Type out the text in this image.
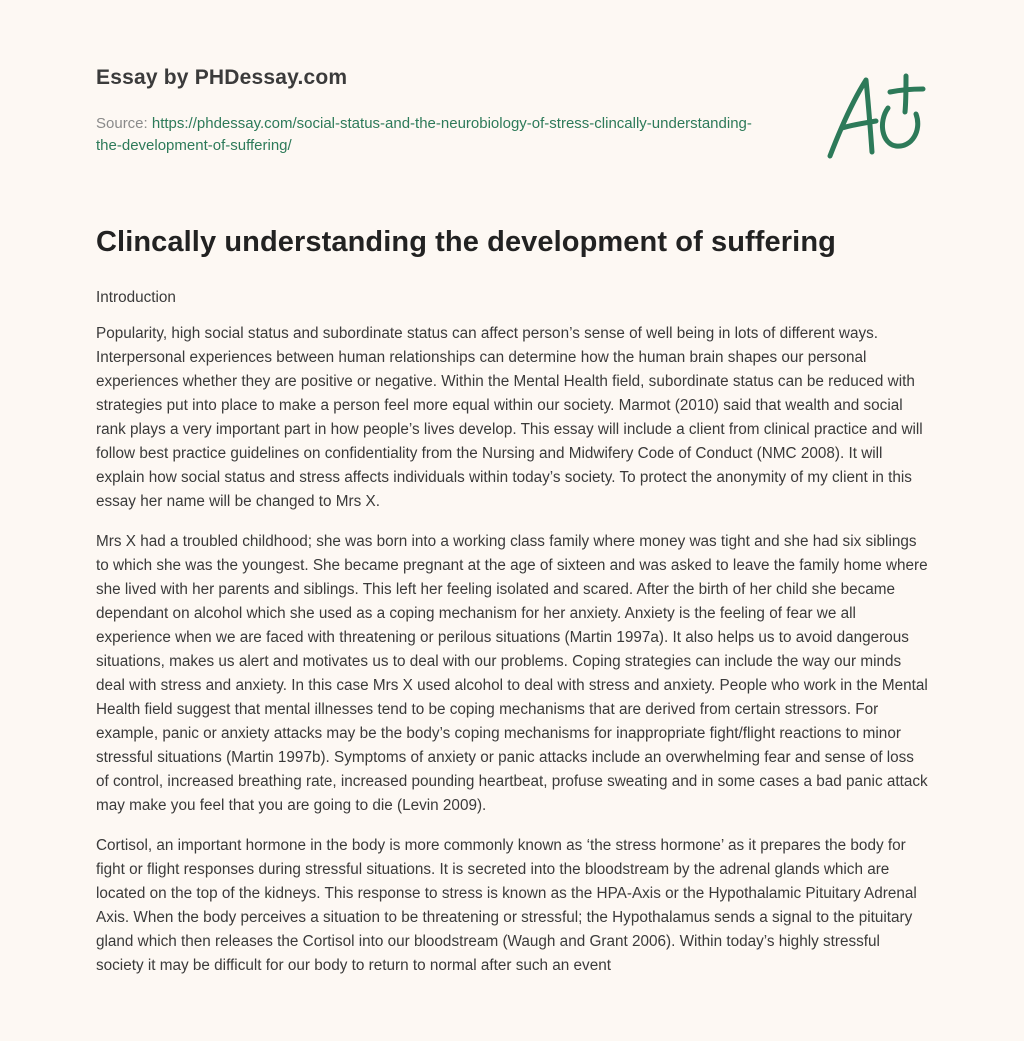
Essay by PHDessay.com
Source: https://phdessay.com/social-status-and-the-neurobiology-of-stress-clincally-understanding-the-development-of-suffering/
Clincally understanding the development of suffering

Introduction

Popularity, high social status and subordinate status can affect person’s sense of well being in lots of different ways. Interpersonal experiences between human relationships can determine how the human brain shapes our personal experiences whether they are positive or negative. Within the Mental Health field, subordinate status can be reduced with strategies put into place to make a person feel more equal within our society. Marmot (2010) said that wealth and social rank plays a very important part in how people’s lives develop. This essay will include a client from clinical practice and will follow best practice guidelines on confidentiality from the Nursing and Midwifery Code of Conduct (NMC 2008). It will explain how social status and stress affects individuals within today’s society. To protect the anonymity of my client in this essay her name will be changed to Mrs X.

Mrs X had a troubled childhood; she was born into a working class family where money was tight and she had six siblings to which she was the youngest. She became pregnant at the age of sixteen and was asked to leave the family home where she lived with her parents and siblings. This left her feeling isolated and scared. After the birth of her child she became dependant on alcohol which she used as a coping mechanism for her anxiety. Anxiety is the feeling of fear we all experience when we are faced with threatening or perilous situations (Martin 1997a). It also helps us to avoid dangerous situations, makes us alert and motivates us to deal with our problems. Coping strategies can include the way our minds deal with stress and anxiety. In this case Mrs X used alcohol to deal with stress and anxiety. People who work in the Mental Health field suggest that mental illnesses tend to be coping mechanisms that are derived from certain stressors. For example, panic or anxiety attacks may be the body’s coping mechanisms for inappropriate fight/flight reactions to minor stressful situations (Martin 1997b). Symptoms of anxiety or panic attacks include an overwhelming fear and sense of loss of control, increased breathing rate, increased pounding heartbeat, profuse sweating and in some cases a bad panic attack may make you feel that you are going to die (Levin 2009).

Cortisol, an important hormone in the body is more commonly known as ‘the stress hormone’ as it prepares the body for fight or flight responses during stressful situations. It is secreted into the bloodstream by the adrenal glands which are located on the top of the kidneys. This response to stress is known as the HPA-Axis or the Hypothalamic Pituitary Adrenal Axis. When the body perceives a situation to be threatening or stressful; the Hypothalamus sends a signal to the pituitary gland which then releases the Cortisol into our bloodstream (Waugh and Grant 2006). Within today’s highly stressful society it may be difficult for our body to return to normal after such an event
